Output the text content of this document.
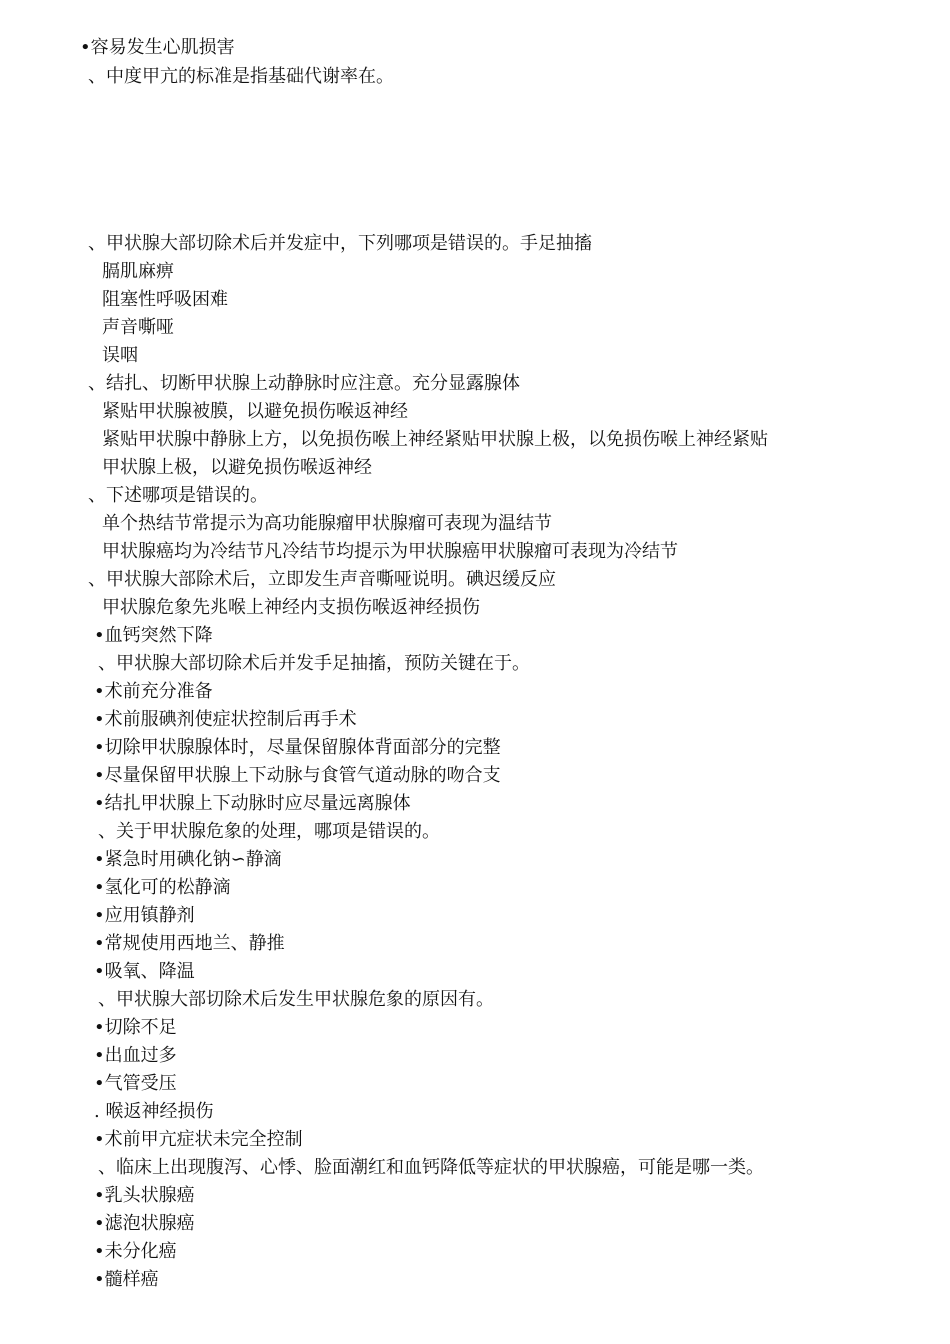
•容易发生心肌损害
、中度甲亢的标准是指基础代谢率在。
、甲状腺大部切除术后并发症中，下列哪项是错误的。手足抽搐
膈肌麻痹
阻塞性呼吸困难
声音嘶哑
误咽
、结扎、切断甲状腺上动静脉时应注意。充分显露腺体
紧贴甲状腺被膜，以避免损伤喉返神经
紧贴甲状腺中静脉上方，以免损伤喉上神经紧贴甲状腺上极，以免损伤喉上神经紧贴
甲状腺上极，以避免损伤喉返神经
、下述哪项是错误的。
单个热结节常提示为高功能腺瘤甲状腺瘤可表现为温结节
甲状腺癌均为冷结节凡冷结节均提示为甲状腺癌甲状腺瘤可表现为冷结节
、甲状腺大部除术后，立即发生声音嘶哑说明。碘迟缓反应
甲状腺危象先兆喉上神经内支损伤喉返神经损伤
•血钙突然下降
、甲状腺大部切除术后并发手足抽搐，预防关键在于。
•术前充分准备
•术前服碘剂使症状控制后再手术
•切除甲状腺腺体时，尽量保留腺体背面部分的完整
•尽量保留甲状腺上下动脉与食管气道动脉的吻合支
•结扎甲状腺上下动脉时应尽量远离腺体
、关于甲状腺危象的处理，哪项是错误的。
•紧急时用碘化钠∽静滴
•氢化可的松静滴
•应用镇静剂
•常规使用西地兰、静推
•吸氧、降温
、甲状腺大部切除术后发生甲状腺危象的原因有。
•切除不足
•出血过多
•气管受压
. 喉返神经损伤
•术前甲亢症状未完全控制
、临床上出现腹泻、心悸、脸面潮红和血钙降低等症状的甲状腺癌，可能是哪一类。
•乳头状腺癌
•滤泡状腺癌
•未分化癌
•髓样癌
